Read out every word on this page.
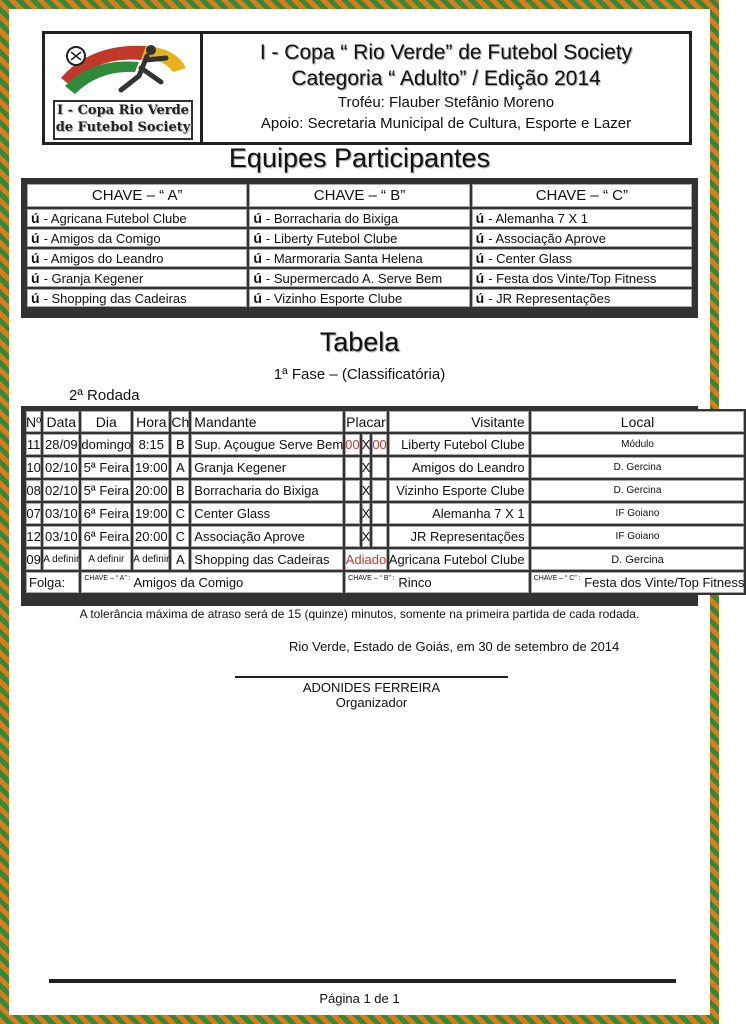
I - Copa Rio Verde
de Futebol Society
I - Copa “ Rio Verde” de Futebol Society
Categoria “ Adulto” / Edição 2014
Troféu: Flauber Stefânio Moreno
Apoio: Secretaria Municipal de Cultura, Esporte e Lazer
Equipes Participantes
CHAVE – “ A”	CHAVE – “ B”	CHAVE – “ C”
ú - Agricana Futebol Clube	ú - Borracharia do Bixiga	ú - Alemanha 7 X 1
ú - Amigos da Comigo	ú - Liberty Futebol Clube	ú - Associação Aprove
ú - Amigos do Leandro	ú - Marmoraria Santa Helena	ú - Center Glass
ú - Granja Kegener	ú - Supermercado A. Serve Bem	ú - Festa dos Vinte/Top Fitness
ú - Shopping das Cadeiras	ú - Vizinho Esporte Clube	ú - JR Representações
Tabela
1ª Fase – (Classificatória)
2ª Rodada
Nº	Data	Dia	Hora	Ch	Mandante	Placar			Visitante	Local
11	28/09	domingo	8:15	B	Sup. Açougue Serve Bem	00	X	00	Liberty Futebol Clube	Módulo
10	02/10	5ª Feira	19:00	A	Granja Kegener		X		Amigos do Leandro	D. Gercina
08	02/10	5ª Feira	20:00	B	Borracharia do Bixiga		X		Vizinho Esporte Clube	D. Gercina
07	03/10	6ª Feira	19:00	C	Center Glass		X		Alemanha 7 X 1	IF Goiano
12	03/10	6ª Feira	20:00	C	Associação Aprove		X		JR Representações	IF Goiano
09	A definir	A definir	A definir	A	Shopping das Cadeiras	Adiado			Agricana Futebol Clube	D. Gercina
Folga:		$^{CHAVE - “ A” :}$ Amigos da Comigo				$^{CHAVE - “ B” :}$ Rinco				$^{CHAVE - “ C” :}$ Festa dos Vinte/Top Fitness
A tolerância máxima de atraso será de 15 (quinze) minutos, somente na primeira partida de cada rodada.
Rio Verde, Estado de Goiás, em 30 de setembro de 2014
ADONIDES FERREIRA
Organizador
Página 1 de 1
